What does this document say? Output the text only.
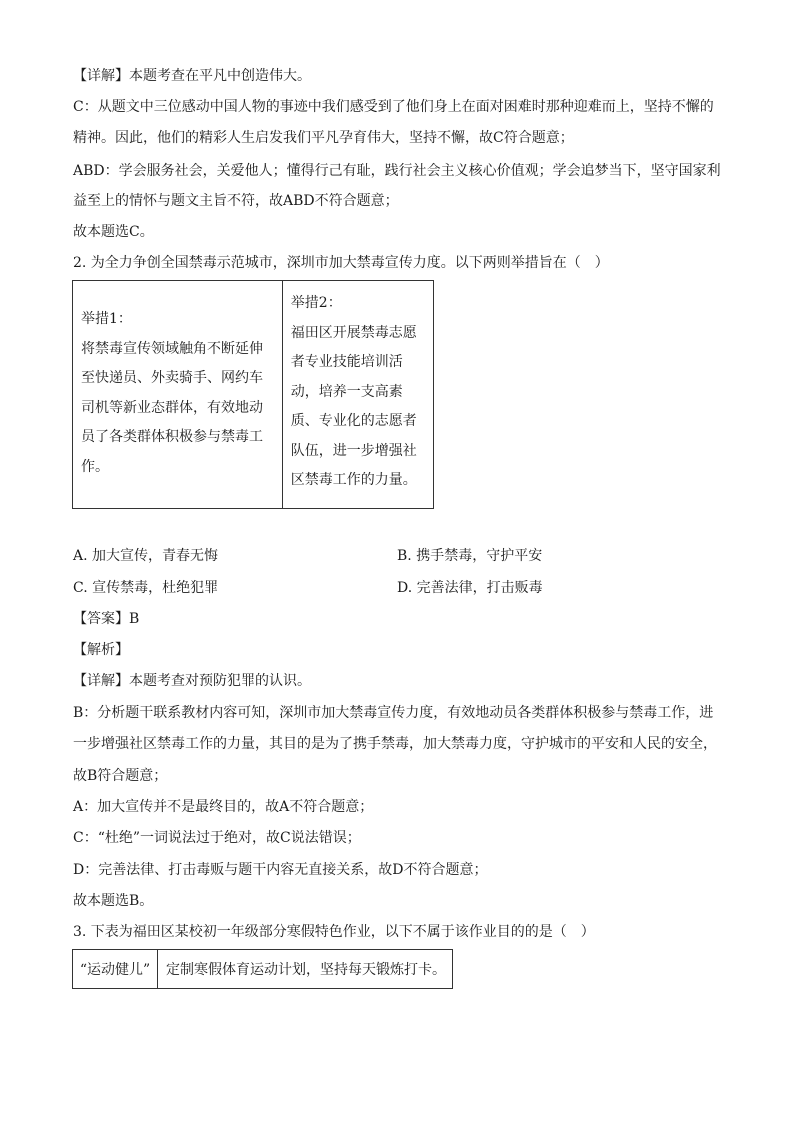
【详解】本题考查在平凡中创造伟大。
C：从题文中三位感动中国人物的事迹中我们感受到了他们身上在面对困难时那种迎难而上，坚持不懈的
精神。因此，他们的精彩人生启发我们平凡孕育伟大，坚持不懈，故C符合题意；
ABD：学会服务社会，关爱他人；懂得行己有耻，践行社会主义核心价值观；学会追梦当下，坚守国家利
益至上的情怀与题文主旨不符，故ABD不符合题意；
故本题选C。
2. 为全力争创全国禁毒示范城市，深圳市加大禁毒宣传力度。以下两则举措旨在（　）
举措1：
将禁毒宣传领域触角不断延伸
至快递员、外卖骑手、网约车
司机等新业态群体，有效地动
员了各类群体积极参与禁毒工
作。

举措2：
福田区开展禁毒志愿
者专业技能培训活
动，培养一支高素
质、专业化的志愿者
队伍，进一步增强社
区禁毒工作的力量。
A. 加大宣传，青春无悔	B. 携手禁毒，守护平安
C. 宣传禁毒，杜绝犯罪	D. 完善法律，打击贩毒
【答案】B
【解析】
【详解】本题考查对预防犯罪的认识。
B：分析题干联系教材内容可知，深圳市加大禁毒宣传力度，有效地动员各类群体积极参与禁毒工作，进
一步增强社区禁毒工作的力量，其目的是为了携手禁毒，加大禁毒力度，守护城市的平安和人民的安全，
故B符合题意；
A：加大宣传并不是最终目的，故A不符合题意；
C：“杜绝”一词说法过于绝对，故C说法错误；
D：完善法律、打击毒贩与题干内容无直接关系，故D不符合题意；
故本题选B。
3. 下表为福田区某校初一年级部分寒假特色作业，以下不属于该作业目的的是（　）
“运动健儿”	定制寒假体育运动计划，坚持每天锻炼打卡。
